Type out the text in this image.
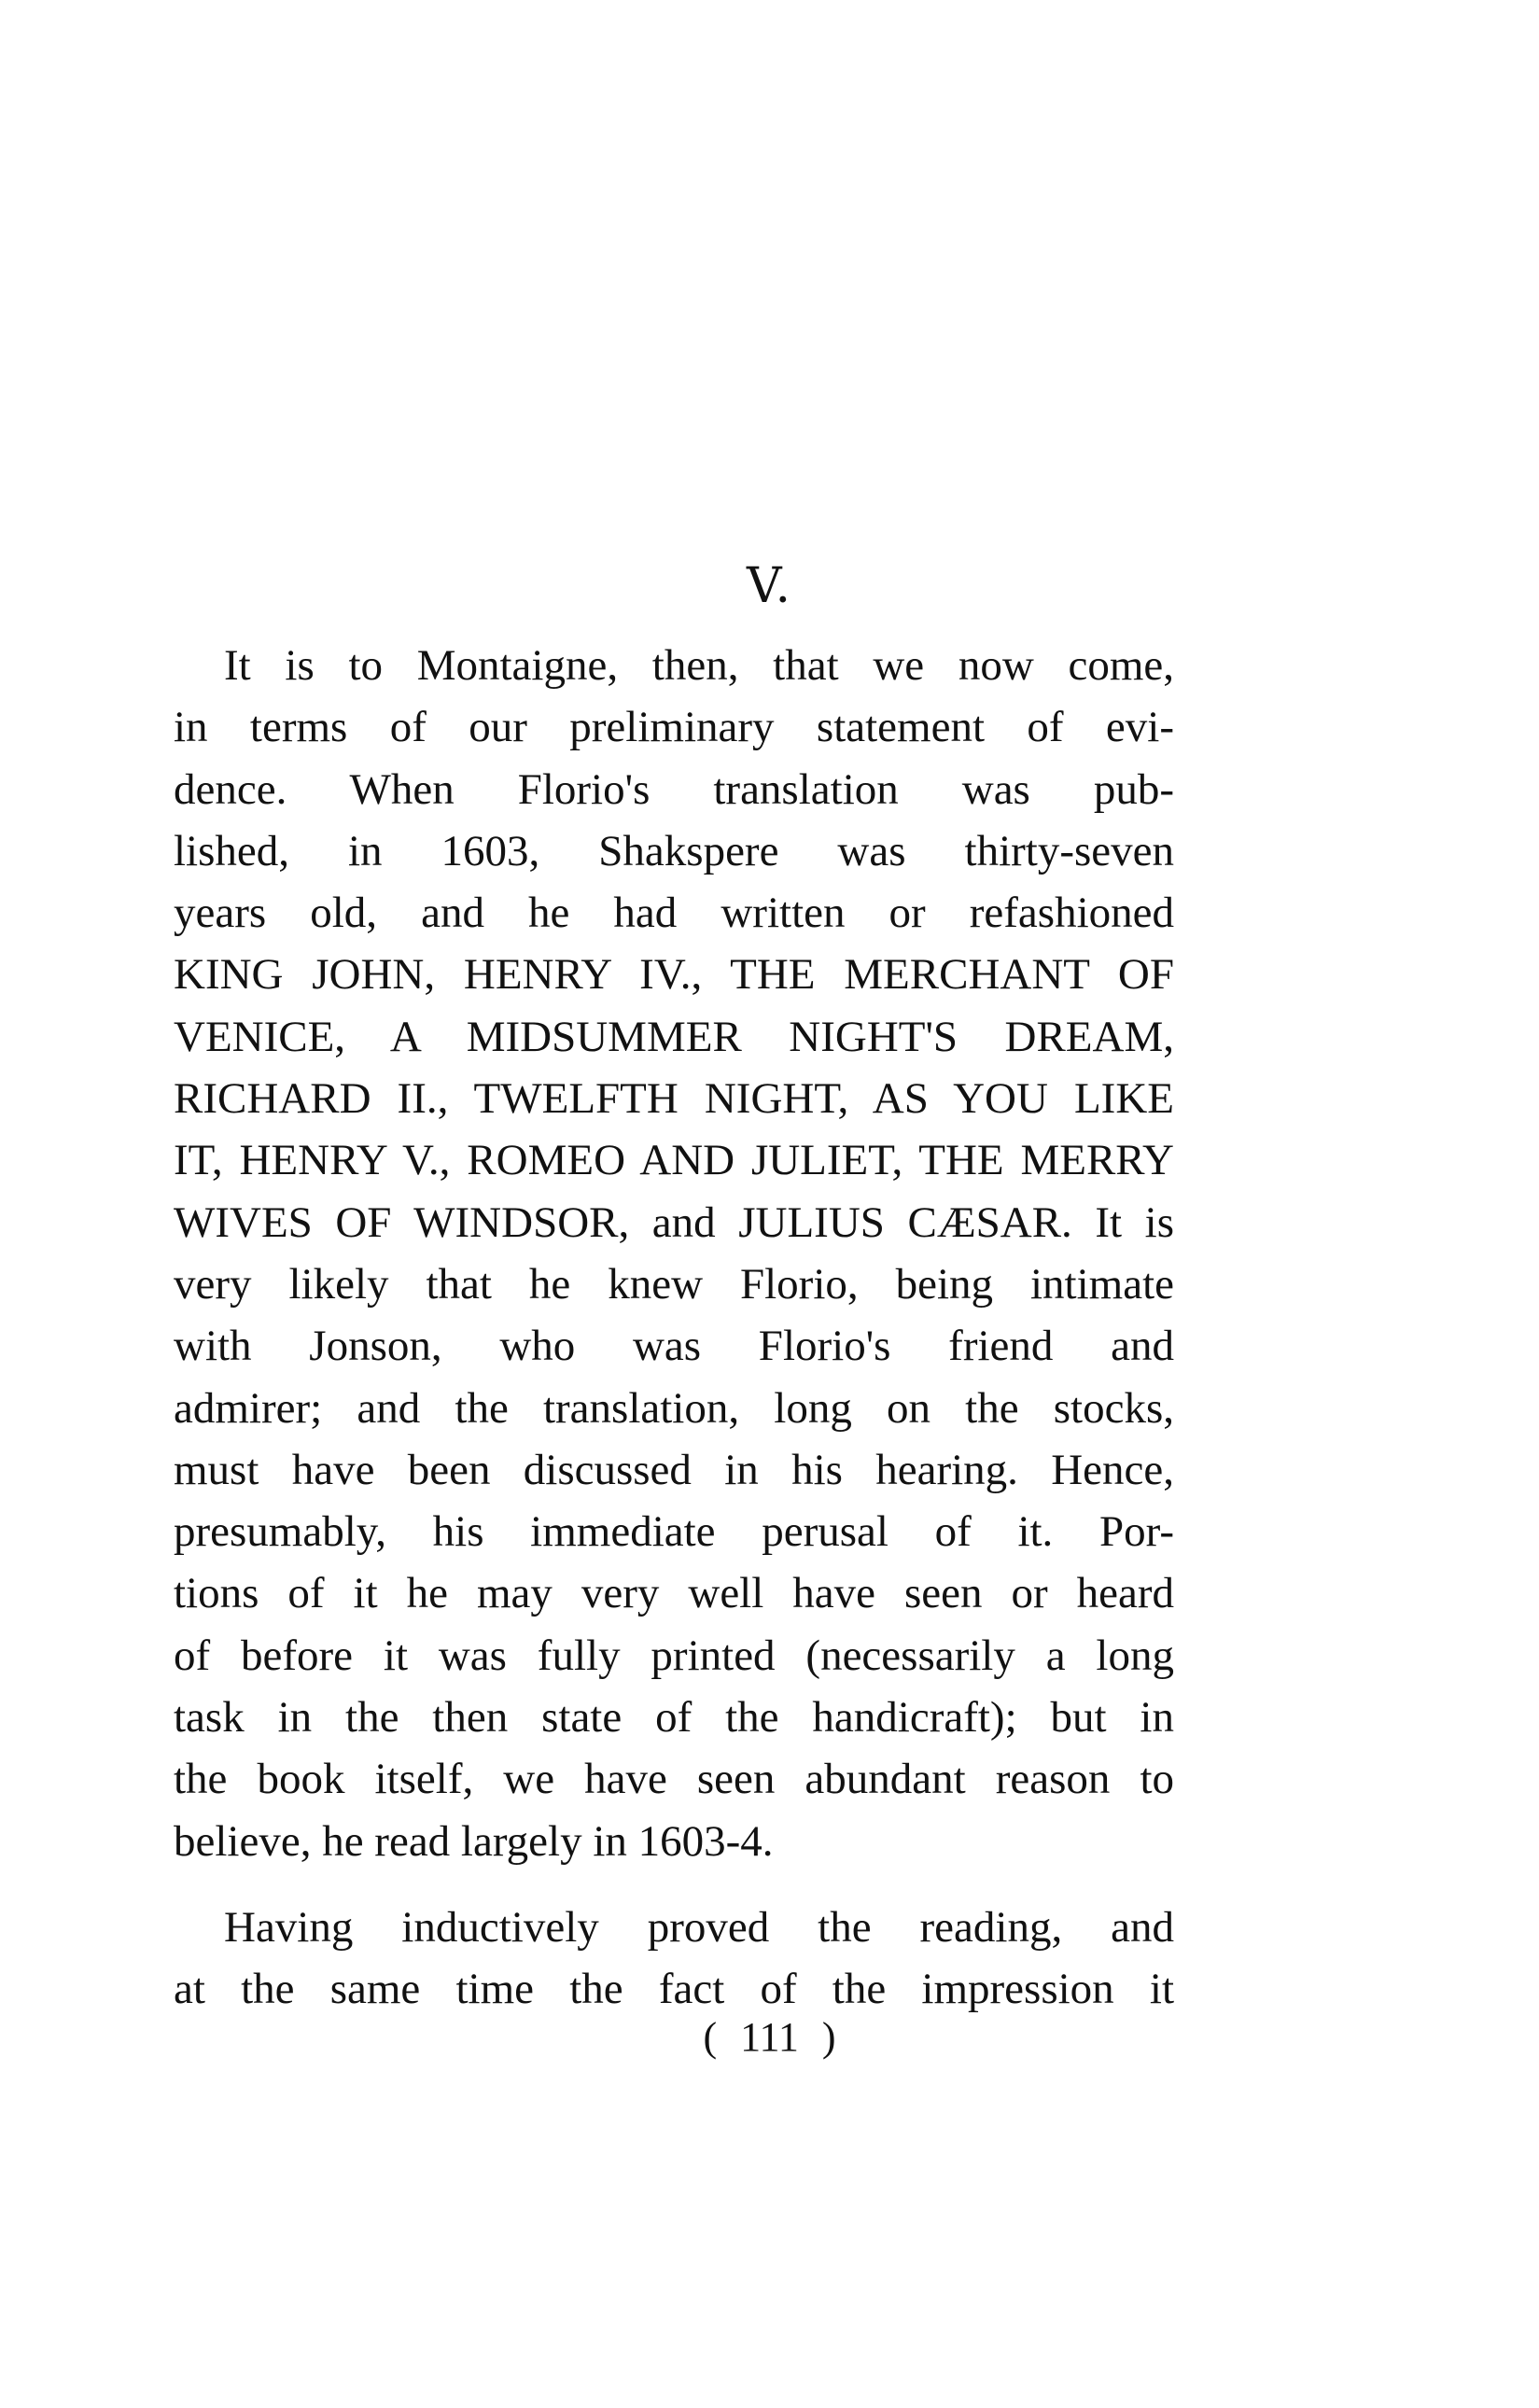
V.
It is to Montaigne, then, that we now come,
in terms of our preliminary statement of evi-
dence. When Florio's translation was pub-
lished, in 1603, Shakspere was thirty-seven
years old, and he had written or refashioned
KING JOHN, HENRY IV., THE MERCHANT OF
VENICE, A MIDSUMMER NIGHT'S DREAM,
RICHARD II., TWELFTH NIGHT, AS YOU LIKE
IT, HENRY V., ROMEO AND JULIET, THE MERRY
WIVES OF WINDSOR, and JULIUS CÆSAR. It is
very likely that he knew Florio, being intimate
with Jonson, who was Florio's friend and
admirer; and the translation, long on the stocks,
must have been discussed in his hearing. Hence,
presumably, his immediate perusal of it. Por-
tions of it he may very well have seen or heard
of before it was fully printed (necessarily a long
task in the then state of the handicraft); but in
the book itself, we have seen abundant reason to
believe, he read largely in 1603-4.
Having inductively proved the reading, and
at the same time the fact of the impression it
( 111 )
